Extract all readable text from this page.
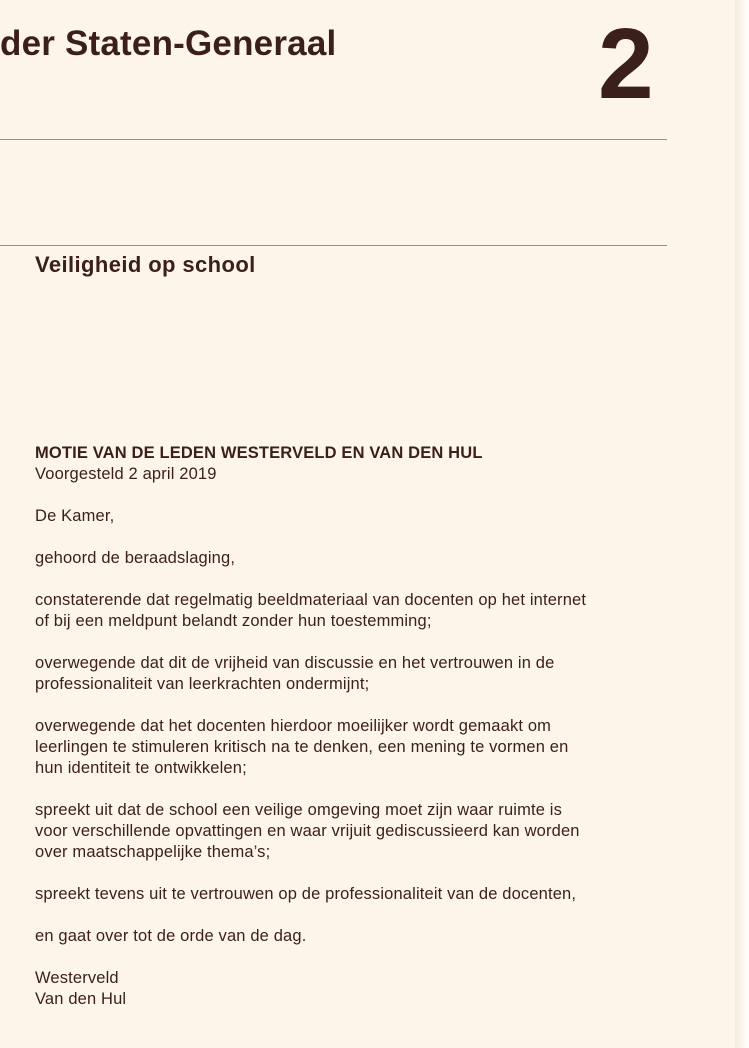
der Staten-Generaal	2
Veiligheid op school

MOTIE VAN DE LEDEN WESTERVELD EN VAN DEN HUL

Voorgesteld 2 april 2019

De Kamer,

gehoord de beraadslaging,

constaterende dat regelmatig beeldmateriaal van docenten op het internet
of bij een meldpunt belandt zonder hun toestemming;

overwegende dat dit de vrijheid van discussie en het vertrouwen in de
professionaliteit van leerkrachten ondermijnt;

overwegende dat het docenten hierdoor moeilijker wordt gemaakt om
leerlingen te stimuleren kritisch na te denken, een mening te vormen en
hun identiteit te ontwikkelen;

spreekt uit dat de school een veilige omgeving moet zijn waar ruimte is
voor verschillende opvattingen en waar vrijuit gediscussieerd kan worden
over maatschappelijke thema’s;

spreekt tevens uit te vertrouwen op de professionaliteit van de docenten,

en gaat over tot de orde van de dag.

Westerveld
Van den Hul
